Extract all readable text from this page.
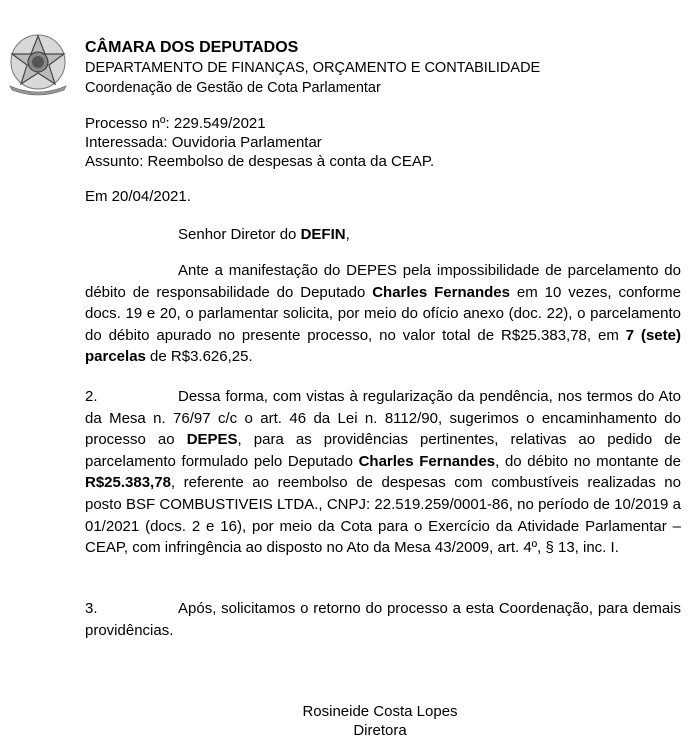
CÂMARA DOS DEPUTADOS
DEPARTAMENTO DE FINANÇAS, ORÇAMENTO E CONTABILIDADE
Coordenação de Gestão de Cota Parlamentar
Processo nº: 229.549/2021
Interessada: Ouvidoria Parlamentar
Assunto: Reembolso de despesas à conta da CEAP.
Em 20/04/2021.
Senhor Diretor do DEFIN,
Ante a manifestação do DEPES pela impossibilidade de parcelamento do débito de responsabilidade do Deputado Charles Fernandes em 10 vezes, conforme docs. 19 e 20, o parlamentar solicita, por meio do ofício anexo (doc. 22), o parcelamento do débito apurado no presente processo, no valor total de R$25.383,78, em 7 (sete) parcelas de R$3.626,25.
2.	Dessa forma, com vistas à regularização da pendência, nos termos do Ato da Mesa n. 76/97 c/c o art. 46 da Lei n. 8112/90, sugerimos o encaminhamento do processo ao DEPES, para as providências pertinentes, relativas ao pedido de parcelamento formulado pelo Deputado Charles Fernandes, do débito no montante de R$25.383,78, referente ao reembolso de despesas com combustíveis realizadas no posto BSF COMBUSTIVEIS LTDA., CNPJ: 22.519.259/0001-86, no período de 10/2019 a 01/2021 (docs. 2 e 16), por meio da Cota para o Exercício da Atividade Parlamentar – CEAP, com infringência ao disposto no Ato da Mesa 43/2009, art. 4º, § 13, inc. I.
3.	Após, solicitamos o retorno do processo a esta Coordenação, para demais providências.
Rosineide Costa Lopes
Diretora
